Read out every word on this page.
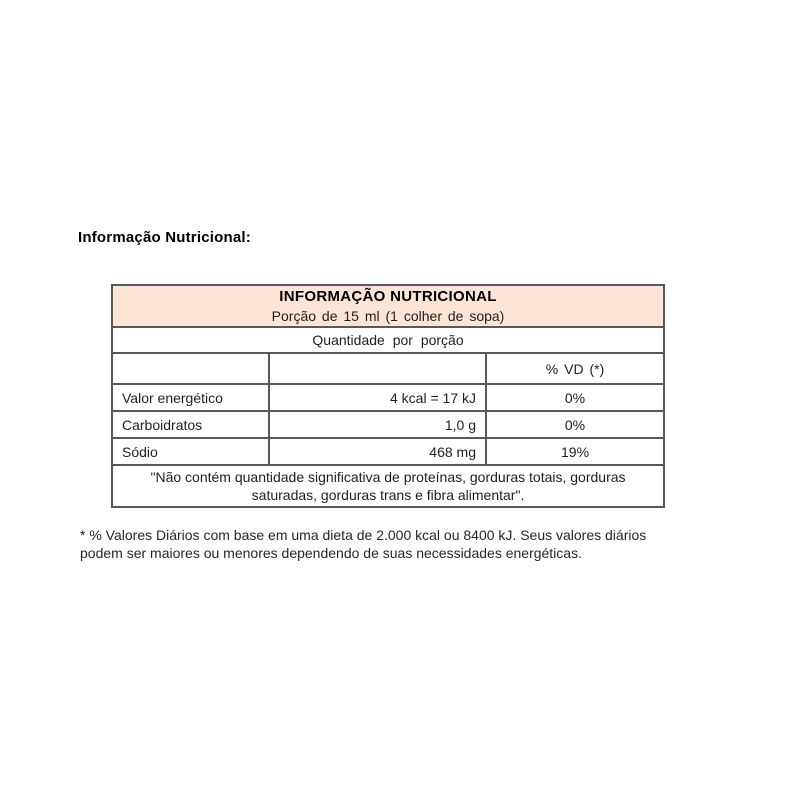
Informação Nutricional:
INFORMAÇÃO NUTRICIONAL
Porção de 15 ml (1 colher de sopa)		

Quantidade por porção		
		% VD (*)
Valor energético	4 kcal = 17 kJ	0%
Carboidratos	1,0 g	0%
Sódio	468 mg	19%
"Não contém quantidade significativa de proteínas, gorduras totais, gorduras saturadas, gorduras trans e fibra alimentar".		
* % Valores Diários com base em uma dieta de 2.000 kcal ou 8400 kJ. Seus valores diários podem ser maiores ou menores dependendo de suas necessidades energéticas.
